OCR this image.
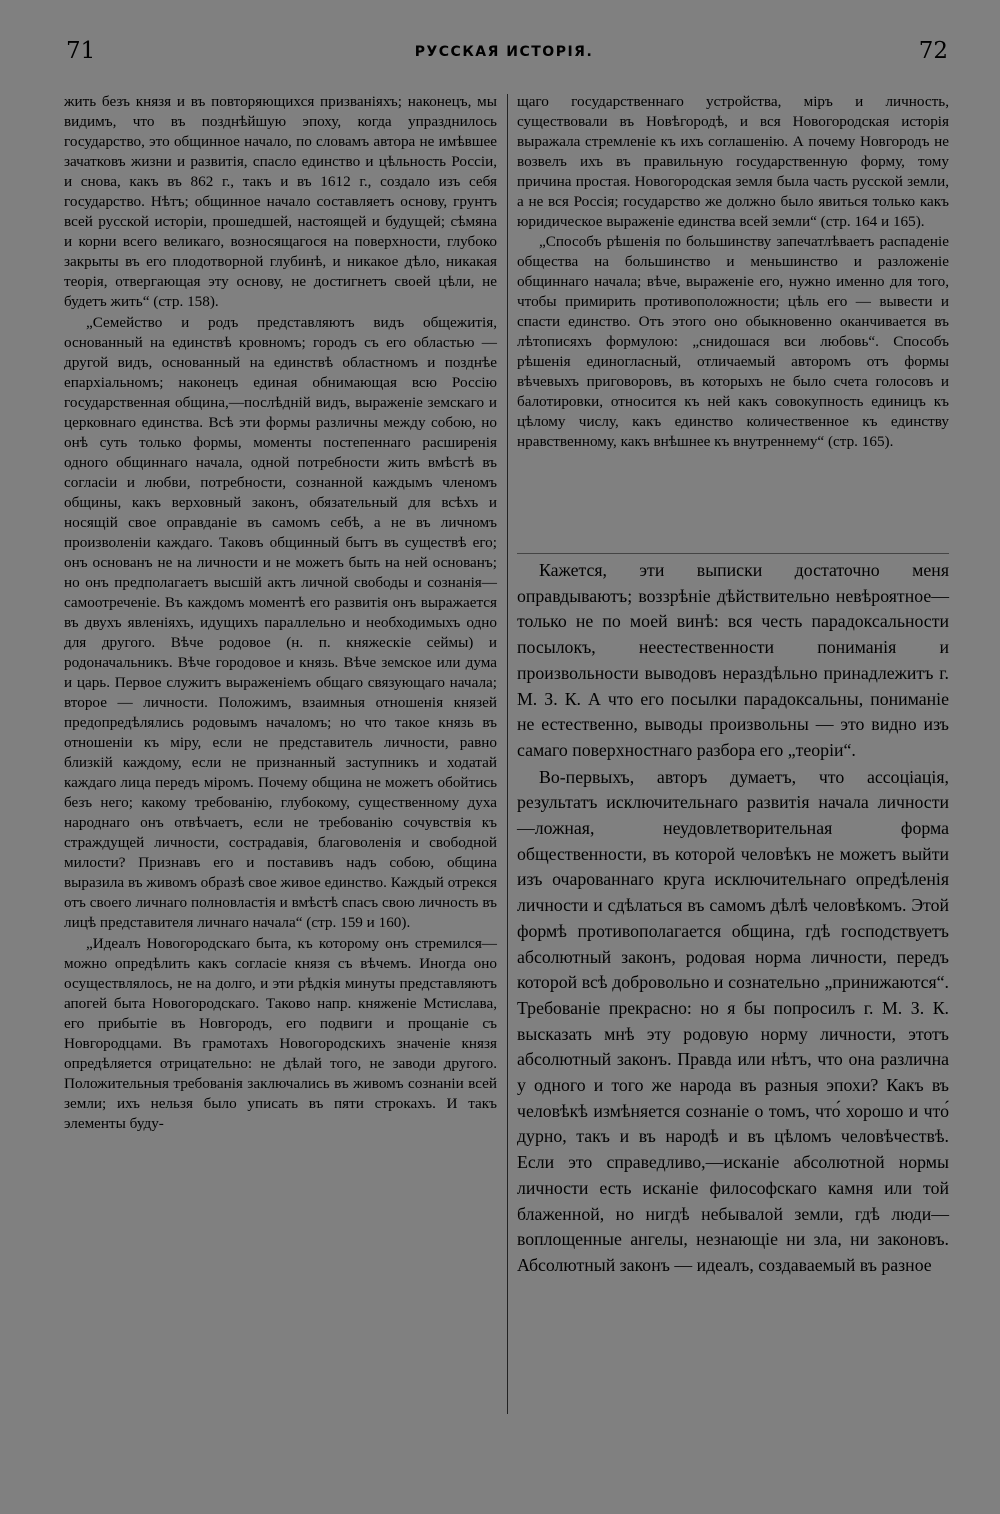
71	РУССКАЯ ИСТОРІЯ.	72

жить безъ князя и въ повторяющихся призваніяхъ; наконецъ, мы видимъ, что въ позднѣйшую эпоху, когда упразднилось государство, это общинное начало, по словамъ автора не имѣвшее зачатковъ жизни и развитія, спасло единство и цѣльность Россіи, и снова, какъ въ 862 г., такъ и въ 1612 г., создало изъ себя государство. Нѣтъ; общинное начало составляетъ основу, грунтъ всей русской исторіи, прошедшей, настоящей и будущей; сѣмяна и корни всего великаго, возносящагося на поверхности, глубоко закрыты въ его плодотворной глубинѣ, и никакое дѣло, никакая теорія, отвергающая эту основу, не достигнетъ своей цѣли, не будетъ жить“ (стр. 158).

„Семейство и родъ представляютъ видъ общежитія, основанный на единствѣ кровномъ; городъ съ его областью — другой видъ, основанный на единствѣ областномъ и позднѣе епархіальномъ; наконецъ единая обнимающая всю Россію государственная община,—послѣдній видъ, выраженіе земскаго и церковнаго единства. Всѣ эти формы различны между собою, но онѣ суть только формы, моменты постепеннаго расширенія одного общиннаго начала, одной потребности жить вмѣстѣ въ согласіи и любви, потребности, сознанной каждымъ членомъ общины, какъ верховный законъ, обязательный для всѣхъ и носящій свое оправданіе въ самомъ себѣ, а не въ личномъ произволеніи каждаго. Таковъ общинный бытъ въ существѣ его; онъ основанъ не на личности и не можетъ быть на ней основанъ; но онъ предполагаетъ высшій актъ личной свободы и сознанія—самоотреченіе. Въ каждомъ моментѣ его развитія онъ выражается въ двухъ явленіяхъ, идущихъ параллельно и необходимыхъ одно для другого. Вѣче родовое (н. п. княжескіе сеймы) и родоначальникъ. Вѣче городовое и князь. Вѣче земское или дума и царь. Первое служитъ выраженіемъ общаго связующаго начала; второе — личности. Положимъ, взаимныя отношенія князей предопредѣлялись родовымъ началомъ; но что такое князь въ отношеніи къ міру, если не представитель личности, равно близкій каждому, если не признанный заступникъ и ходатай каждаго лица передъ міромъ. Почему община не можетъ обойтись безъ него; какому требованію, глубокому, существенному духа народнаго онъ отвѣчаетъ, если не требованію сочувствія къ страждущей личности, сострадавія, благоволенія и свободной милости? Признавъ его и поставивъ надъ собою, община выразила въ живомъ образѣ свое живое единство. Каждый отрекся отъ своего личнаго полновластія и вмѣстѣ спасъ свою личность въ лицѣ представителя личнаго начала“ (стр. 159 и 160).

„Идеалъ Новогородскаго быта, къ которому онъ стремился—можно опредѣлить какъ согласіе князя съ вѣчемъ. Иногда оно осуществлялось, не на долго, и эти рѣдкія минуты представляютъ апогей быта Новогородскаго. Таково напр. княженіе Мстислава, его прибытіе въ Новгородъ, его подвиги и прощаніе съ Новгородцами. Въ грамотахъ Новогородскихъ значеніе князя опредѣляется отрицательно: не дѣлай того, не заводи другого. Положительныя требованія заключались въ живомъ сознаніи всей земли; ихъ нельзя было уписать въ пяти строкахъ. И такъ элементы буду-

щаго государственнаго устройства, міръ и личность, существовали въ Новѣгородѣ, и вся Новогородская исторія выражала стремленіе къ ихъ соглашенію. А почему Новгородъ не возвелъ ихъ въ правильную государственную форму, тому причина простая. Новогородская земля была часть русской земли, а не вся Россія; государство же должно было явиться только какъ юридическое выраженіе единства всей земли“ (стр. 164 и 165).

„Способъ рѣшенія по большинству запечатлѣваетъ распаденіе общества на большинство и меньшинство и разложеніе общиннаго начала; вѣче, выраженіе его, нужно именно для того, чтобы примирить противоположности; цѣль его — вывести и спасти единство. Отъ этого оно обыкновенно оканчивается въ лѣтописяхъ формулою: „снидошася вси любовь“. Способъ рѣшенія единогласный, отличаемый авторомъ отъ формы вѣчевыхъ приговоровъ, въ которыхъ не было счета голосовъ и балотировки, относится къ ней какъ совокупность единицъ къ цѣлому числу, какъ единство количественное къ единству нравственному, какъ внѣшнее къ внутреннему“ (стр. 165).

Кажется, эти выписки достаточно меня оправдываютъ; воззрѣніе дѣйствительно невѣроятное—только не по моей винѣ: вся честь парадоксальности посылокъ, неестественности пониманія и произвольности выводовъ нераздѣльно принадлежитъ г. М. З. К. А что его посылки парадоксальны, пониманіе не естественно, выводы произвольны — это видно изъ самаго поверхностнаго разбора его „теоріи“.

Во-первыхъ, авторъ думаетъ, что ассоціація, результатъ исключительнаго развитія начала личности—ложная, неудовлетворительная форма общественности, въ которой человѣкъ не можетъ выйти изъ очарованнаго круга исключительнаго опредѣленія личности и сдѣлаться въ самомъ дѣлѣ человѣкомъ. Этой формѣ противополагается община, гдѣ господствуетъ абсолютный законъ, родовая норма личности, передъ которой всѣ добровольно и сознательно „принижаются“. Требованіе прекрасно: но я бы попросилъ г. М. З. К. высказать мнѣ эту родовую норму личности, этотъ абсолютный законъ. Правда или нѣтъ, что она различна у одного и того же народа въ разныя эпохи? Какъ въ человѣкѣ измѣняется сознаніе о томъ, что́ хорошо и что́ дурно, такъ и въ народѣ и въ цѣломъ человѣчествѣ. Если это справедливо,—исканіе абсолютной нормы личности есть исканіе философскаго камня или той блаженной, но нигдѣ небывалой земли, гдѣ люди—воплощенные ангелы, незнающіе ни зла, ни законовъ. Абсолютный законъ — идеалъ, создаваемый въ разное
